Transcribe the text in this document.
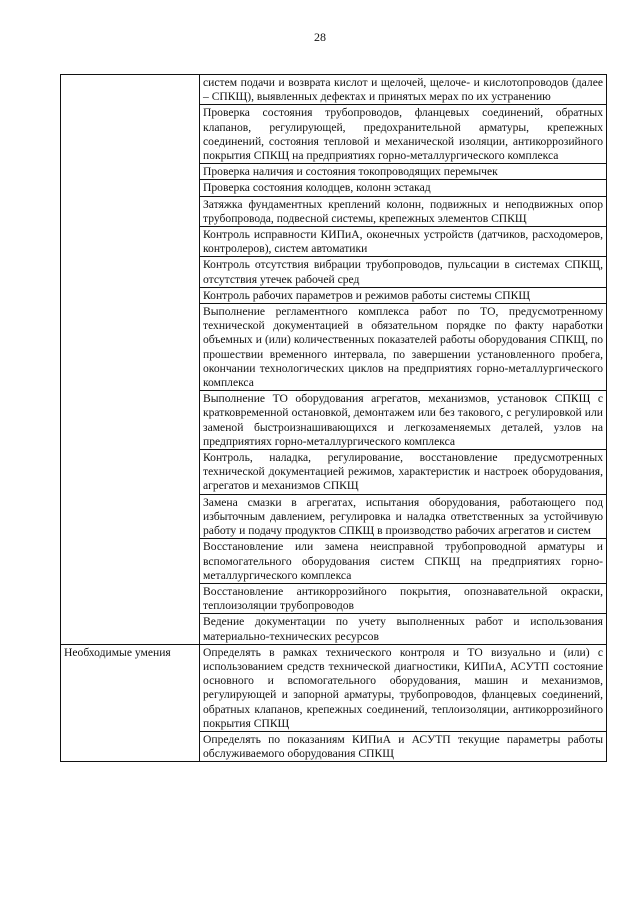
28
	систем подачи и возврата кислот и щелочей, щелоче- и кислотопроводов (далее – СПКЩ), выявленных дефектах и принятых мерах по их устранению
	Проверка состояния трубопроводов, фланцевых соединений, обратных клапанов, регулирующей, предохранительной арматуры, крепежных соединений, состояния тепловой и механической изоляции, антикоррозийного покрытия СПКЩ на предприятиях горно-металлургического комплекса
	Проверка наличия и состояния токопроводящих перемычек
	Проверка состояния колодцев, колонн эстакад
	Затяжка фундаментных креплений колонн, подвижных и неподвижных опор трубопровода, подвесной системы, крепежных элементов СПКЩ
	Контроль исправности КИПиА, оконечных устройств (датчиков, расходомеров, контролеров), систем автоматики
	Контроль отсутствия вибрации трубопроводов, пульсации в системах СПКЩ, отсутствия утечек рабочей сред
	Контроль рабочих параметров и режимов работы системы СПКЩ
	Выполнение регламентного комплекса работ по ТО, предусмотренному технической документацией в обязательном порядке по факту наработки объемных и (или) количественных показателей работы оборудования СПКЩ, по прошествии временного интервала, по завершении установленного пробега, окончании технологических циклов на предприятиях горно-металлургического комплекса
	Выполнение ТО оборудования агрегатов, механизмов, установок СПКЩ с кратковременной остановкой, демонтажем или без такового, с регулировкой или заменой быстроизнашивающихся и легкозаменяемых деталей, узлов на предприятиях горно-металлургического комплекса
	Контроль, наладка, регулирование, восстановление предусмотренных технической документацией режимов, характеристик и настроек оборудования, агрегатов и механизмов СПКЩ
	Замена смазки в агрегатах, испытания оборудования, работающего под избыточным давлением, регулировка и наладка ответственных за устойчивую работу и подачу продуктов СПКЩ в производство рабочих агрегатов и систем
	Восстановление или замена неисправной трубопроводной арматуры и вспомогательного оборудования систем СПКЩ на предприятиях горно-металлургического комплекса
	Восстановление антикоррозийного покрытия, опознавательной окраски, теплоизоляции трубопроводов
	Ведение документации по учету выполненных работ и использования материально-технических ресурсов
Необходимые умения	Определять в рамках технического контроля и ТО визуально и (или) с использованием средств технической диагностики, КИПиА, АСУТП состояние основного и вспомогательного оборудования, машин и механизмов, регулирующей и запорной арматуры, трубопроводов, фланцевых соединений, обратных клапанов, крепежных соединений, теплоизоляции, антикоррозийного покрытия СПКЩ
	Определять по показаниям КИПиА и АСУТП текущие параметры работы обслуживаемого оборудования СПКЩ
